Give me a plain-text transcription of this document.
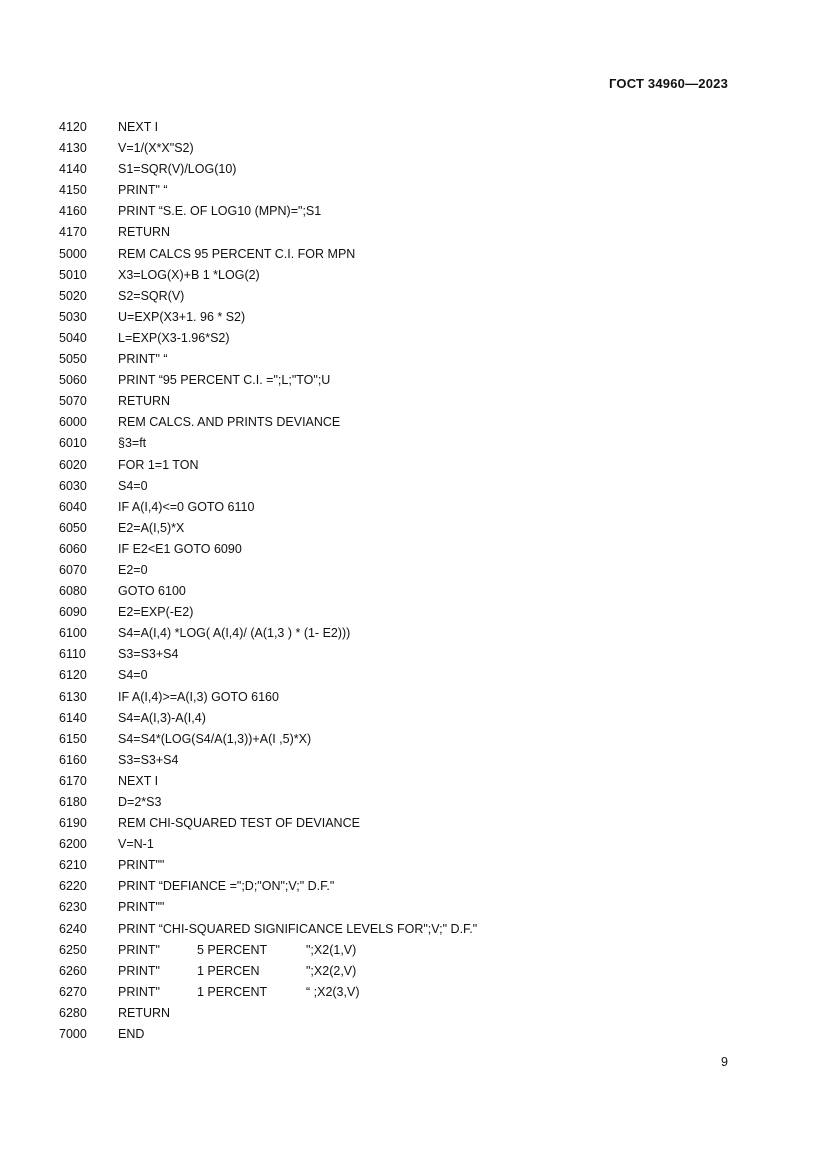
ГОСТ 34960—2023
4120	NEXT I
4130	V=1/(X*X"S2)
4140	S1=SQR(V)/LOG(10)
4150	PRINT" “
4160	PRINT “S.E. OF LOG10 (MPN)=";S1
4170	RETURN
5000	REM CALCS 95 PERCENT C.I. FOR MPN
5010	X3=LOG(X)+B 1 *LOG(2)
5020	S2=SQR(V)
5030	U=EXP(X3+1. 96 * S2)
5040	L=EXP(X3-1.96*S2)
5050	PRINT" “
5060	PRINT “95 PERCENT C.I. =";L;"TO";U
5070	RETURN
6000	REM CALCS. AND PRINTS DEVIANCE
6010	§3=ft
6020	FOR 1=1 TON
6030	S4=0
6040	IF A(I,4)<=0 GOTO 6110
6050	E2=A(I,5)*X
6060	IF E2<E1 GOTO 6090
6070	E2=0
6080	GOTO 6100
6090	E2=EXP(-E2)
6100	S4=A(I,4) *LOG( A(I,4)/ (A(1,3 ) * (1- E2)))
6110	S3=S3+S4
6120	S4=0
6130	IF A(I,4)>=A(I,3) GOTO 6160
6140	S4=A(I,3)-A(I,4)
6150	S4=S4*(LOG(S4/A(1,3))+A(I ,5)*X)
6160	S3=S3+S4
6170	NEXT I
6180	D=2*S3
6190	REM CHI-SQUARED TEST OF DEVIANCE
6200	V=N-1
6210	PRINT""
6220	PRINT “DEFIANCE =";D;"ON";V;" D.F."
6230	PRINT""
6240	PRINT “CHI-SQUARED SIGNIFICANCE LEVELS FOR";V;" D.F."
6250	PRINT"	5 PERCENT	";X2(1,V)
6260	PRINT"	1 PERCEN	";X2(2,V)
6270	PRINT"	1 PERCENT	“ ;X2(3,V)
6280	RETURN
7000	END
9
